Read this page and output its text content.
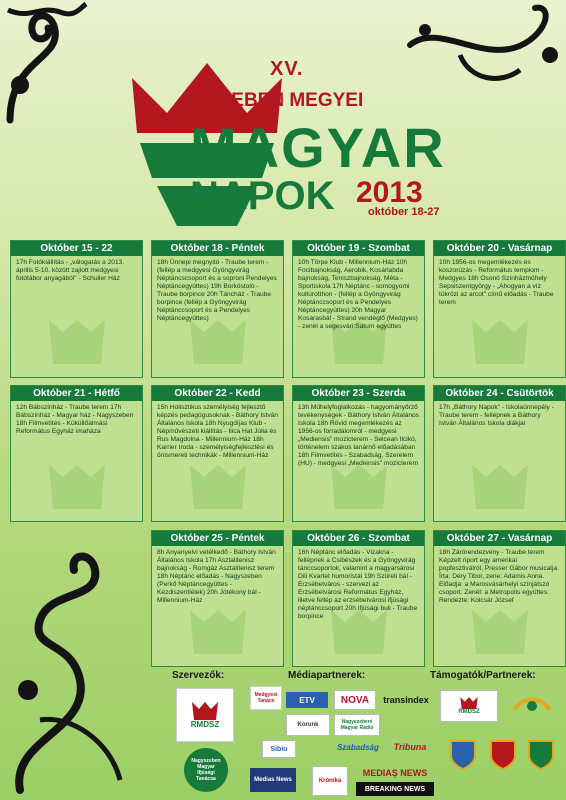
XV.
SZEBEN MEGYEI
MAGYAR
NAPOK 2013
október 18-27
Október 15 - 22
17h Fotókiállítás - „válogatás a 2013. április 5-10. között zajlott medgyesi fotótábor anyagából" - Schuller Ház
Október 18 - Péntek
18h Ünnepi megnyitó - Traube terem - (fellép a medgyesi Gyöngyvirág Néptáncscsoport és a soproni Pendelyes Néptáncegyüttes) 19h Borkóstoló - Traube borpince 20h Táncház - Traube borpince (fellép a Gyöngyvirág Néptánccsoport és a Pendelyes Néptáncegyüttes)
Október 19 - Szombat
10h Törpe Klub - Millennium-Ház 10h Focibajnokság, Aerobik, Kosárlabda bajnokság, Teniszbajnokság, Méta - Sportiskola 17h Néptánc - somogyomi kultúrotthon - (fellép a Gyöngyvirág Néptánccsoport és a Pendelyes Néptáncegyüttes) 20h Magyar Kosarasbál - Strand vendéglő (Medgyes) - zenél a segesvári Saturn együttes
Október 20 - Vasárnap
10h 1956-os megemlékezés és koszorúzás - Református templom - Medgyes 18h Osonó Színházműhely Sepsiszentgyörgy - „Ahogyan a víz tükrözi az arcot" című előadás - Traube terem
Október 21 - Hétfő
12h Bábszínház - Traube terem 17h Bábszínház - Magyar ház - Nagyszeben 18h Filmvetítés - Küküllőalmási Református Egyház imaháza
Október 22 - Kedd
15h Holisztikus személyiség fejlesztő képzés pedagógusoknak - Báthory István Általános Iskola 18h Nyugdíjas Klub - Népművészeti kiállítás - Ilica Hat Júlia és Rus Magdolna - Millennium-Ház 18h Karrier Iroda - személyiségfejlesztési és önismereti technikák - Millennium-Ház
Október 23 - Szerda
13h Műhelyfoglalkozás - hagyományőrző tevékenységek - Báthory István Általános Iskola 18h Rövid megemlékezés az 1956-os forradalomról - medgyesi „Mediensis" mozicterem - Selcean Ilcikó, történelem szakos tanárnő előadásában 18h Filmvetítés - Szabadság, Szerelem (HU) - medgyesi „Mediensis" mozicterem
Október 24 - Csütörtök
17h „Báthory Napok" - Iskolaünnepély - Traube terem - fellépnek a Báthory István Általános Iskola diákjai
Október 25 - Péntek
8h Anyanyelvi vetélkedő - Báthory István Általános Iskola 17h Asztalitenisz bajnokság - Romgáz Asztalitenisz terem 18h Néptánc előadás - Nagyszeben (Perkő Néptáncegyüttes - Kézdiszentlélek) 20h Jótékony bál - Millennium-Ház
Október 26 - Szombat
16h Néptánc előadás - Vizakna - fellépnek a Csibészek és a Gyöngyvirág tánccsoportok, valamint a magyarsárosi Dili Kvartet humoristái 19h Szüreti bál - Erzsébetváros - szervezi az Erzsébetvárosi Református Egyház, illetve fellép az erzsébetvárosi ifjúsági néptánccsoport 20h Ifjúsági buli - Traube borpince
Október 27 - Vasárnap
18h Zárórendezvény - Traube terem Képzelt riport egy amerikai popfesztiválról, Presser Gábor musicalja. Írta: Déry Tibor, zene: Adamis Anna. Előadja: a Marosvásárhelyi színjátszó csoport. Zenél: a Metropolis együttes. Rendezte: Kolcsár József
Szervezők:	Médiapartnerek:	Támogatók/Partnerek:
RMDSZ
Nagyszeben Magyar Ifjúsági Tanácsa
Medgyesi Tanács	ETV	NOVA transindex
Korunk	Nagyszebeni Magyar Rádió
Szabadság Tribuna
Sibiu
Medias News	Krónika
MEDIAȘ NEWS
BREAKING NEWS
RMDSZ
